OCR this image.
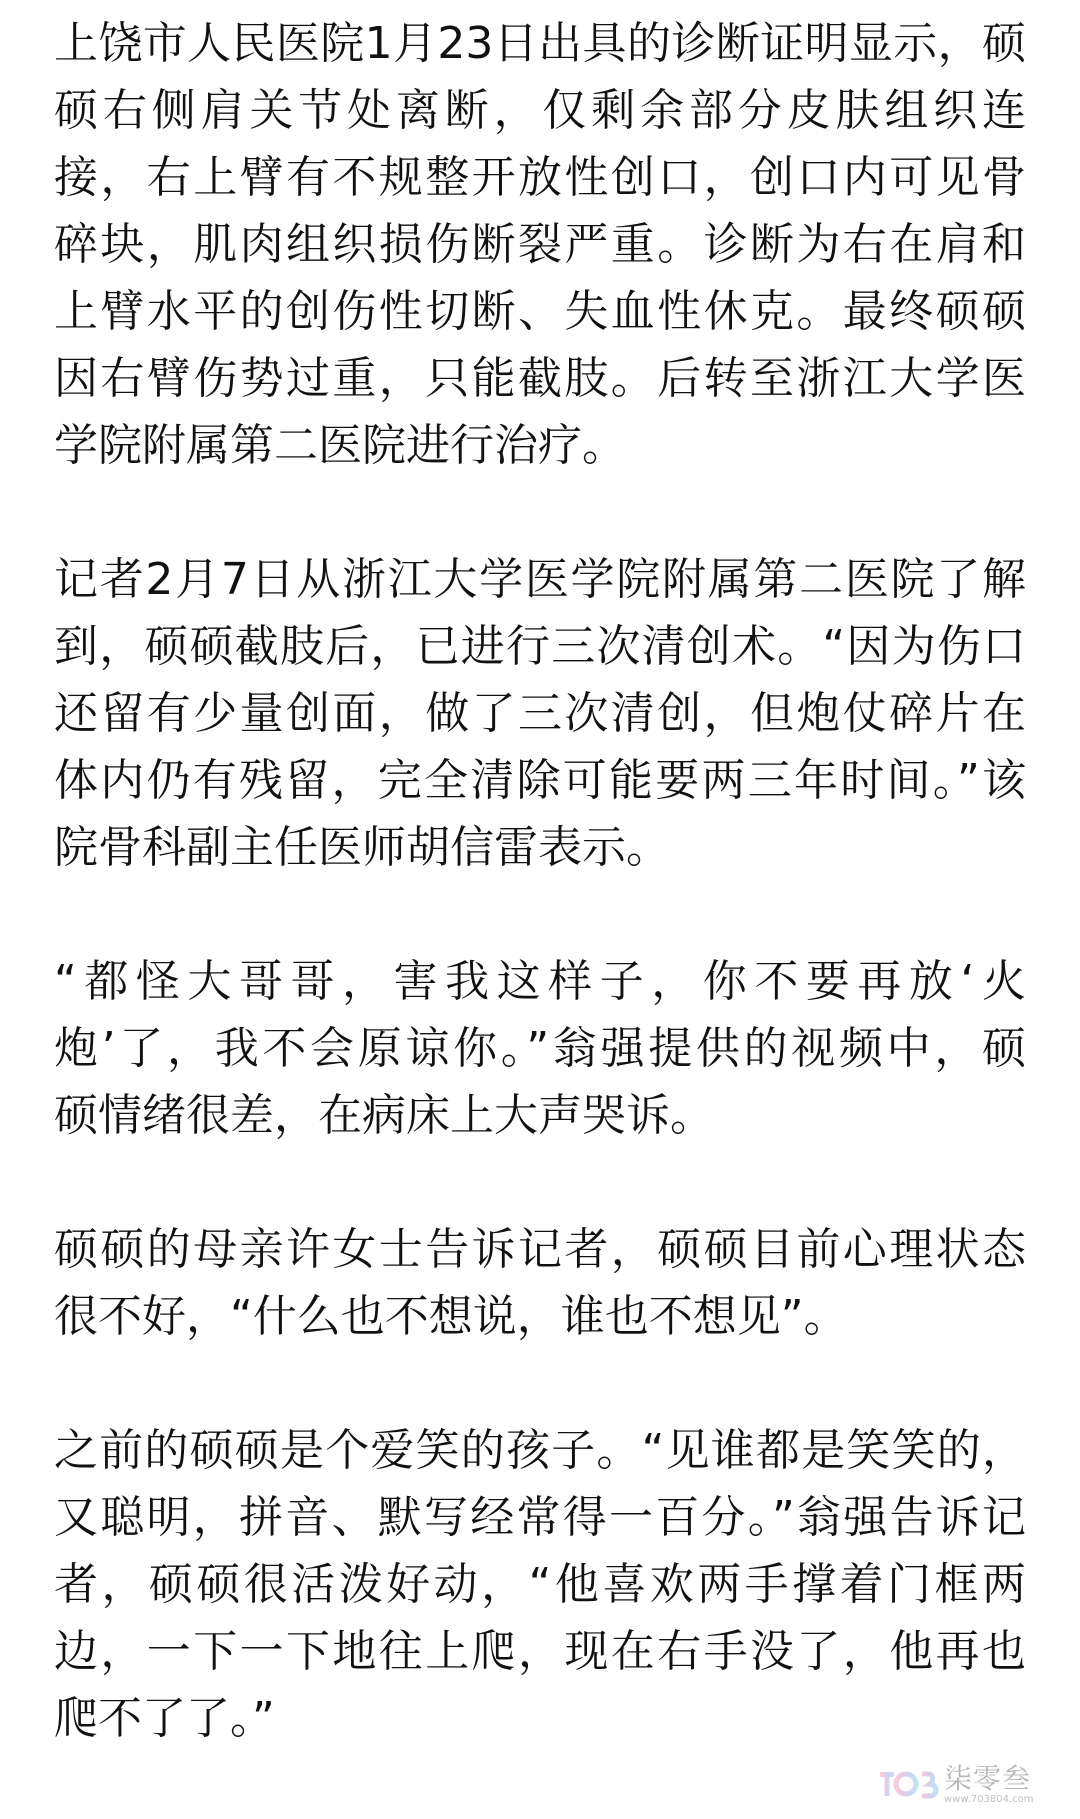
上饶市人民医院1月23日出具的诊断证明显示，硕
硕右侧肩关节处离断，仅剩余部分皮肤组织连
接，右上臂有不规整开放性创口，创口内可见骨
碎块，肌肉组织损伤断裂严重。诊断为右在肩和
上臂水平的创伤性切断、失血性休克。最终硕硕
因右臂伤势过重，只能截肢。后转至浙江大学医
学院附属第二医院进行治疗。
记者2月7日从浙江大学医学院附属第二医院了解
到，硕硕截肢后，已进行三次清创术。“因为伤口
还留有少量创面，做了三次清创，但炮仗碎片在
体内仍有残留，完全清除可能要两三年时间。”该
院骨科副主任医师胡信雷表示。
“都怪大哥哥，害我这样子，你不要再放‘火
炮’了，我不会原谅你。”翁强提供的视频中，硕
硕情绪很差，在病床上大声哭诉。
硕硕的母亲许女士告诉记者，硕硕目前心理状态
很不好，“什么也不想说，谁也不想见”。
之前的硕硕是个爱笑的孩子。“见谁都是笑笑的，
又聪明，拼音、默写经常得一百分。”翁强告诉记
者，硕硕很活泼好动，“他喜欢两手撑着门框两
边，一下一下地往上爬，现在右手没了，他再也
爬不了了。”
柒零叁
www.703804.com
